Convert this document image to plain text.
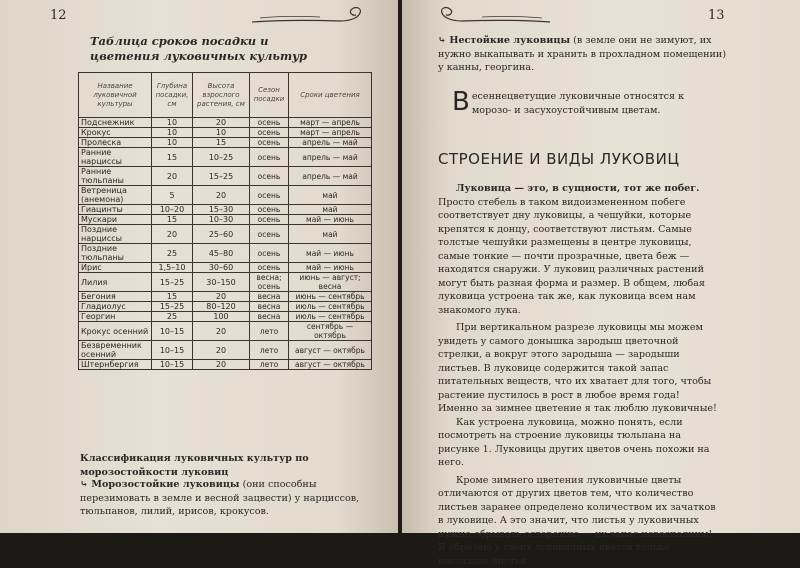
12
Таблица сроков посадки и цветения луковичных культур
Название луковичной культуры	Глубина посадки, см	Высота взрослого растения, см	Сезон посадки	Сроки цветения
Подснежник	10	20	осень	март — апрель
Крокус	10	10	осень	март — апрель
Пролеска	10	15	осень	апрель — май
Ранние нарциссы	15	10–25	осень	апрель — май
Ранние тюльпаны	20	15–25	осень	апрель — май
Ветреница (анемона)	5	20	осень	май
Гиацинты	10–20	15–30	осень	май
Мускари	15	10–30	осень	май — июнь
Поздние нарциссы	20	25–60	осень	май
Поздние тюльпаны	25	45–80	осень	май — июнь
Ирис	1,5–10	30–60	осень	май — июнь
Лилия	15–25	30–150	весна; осень	июнь — август; весна
Бегония	15	20	весна	июнь — сентябрь
Гладиолус	15–25	80–120	весна	июль — сентябрь
Георгин	25	100	весна	июль — сентябрь
Крокус осенний	10–15	20	лето	сентябрь — октябрь
Безвременник осенний	10–15	20	лето	август — октябрь
Штернбергия	10–15	20	лето	август — октябрь
Классификация луковичных культур по морозостойкости луковиц
⤷ Морозостойкие луковицы (они способны перезимовать в земле и весной зацвести) у нарциссов, тюльпанов, лилий, ирисов, крокусов.
13
⤷ Нестойкие луковицы (в земле они не зимуют, их нужно выкапывать и хранить в прохладном помещении) у канны, георгина.
Весеннецветущие луковичные относятся к морозо- и засухоустойчивым цветам.
СТРОЕНИЕ И ВИДЫ ЛУКОВИЦ

Луковица — это, в сущности, тот же побег. Просто стебель в таком видоизмененном побеге соответствует дну луковицы, а чешуйки, которые крепятся к донцу, соответствуют листьям. Самые толстые чешуйки размещены в центре луковицы, самые тонкие — почти прозрачные, цвета беж — находятся снаружи. У луковиц различных растений могут быть разная форма и размер. В общем, любая луковица устроена так же, как луковица всем нам знакомого лука.

При вертикальном разрезе луковицы мы можем увидеть у самого донышка зародыш цветочной стрелки, а вокруг этого зародыша — зародыши листьев. В луковице содержится такой запас питательных веществ, что их хватает для того, чтобы растение пустилось в рост в любое время года! Именно за зимнее цветение я так люблю луковичные!

Как устроена луковица, можно понять, если посмотреть на строение луковицы тюльпана на рисунке 1. Луковицы других цветов очень похожи на него.

Кроме зимнего цветения луковичные цветы отличаются от других цветов тем, что количество листьев заранее определено количеством их зачатков в луковице. А это значит, что листья у луковичных нужно обрывать осторожно — их запас невосполним! Я обрезаю у своих луковичных цветов только высохшие листья.
